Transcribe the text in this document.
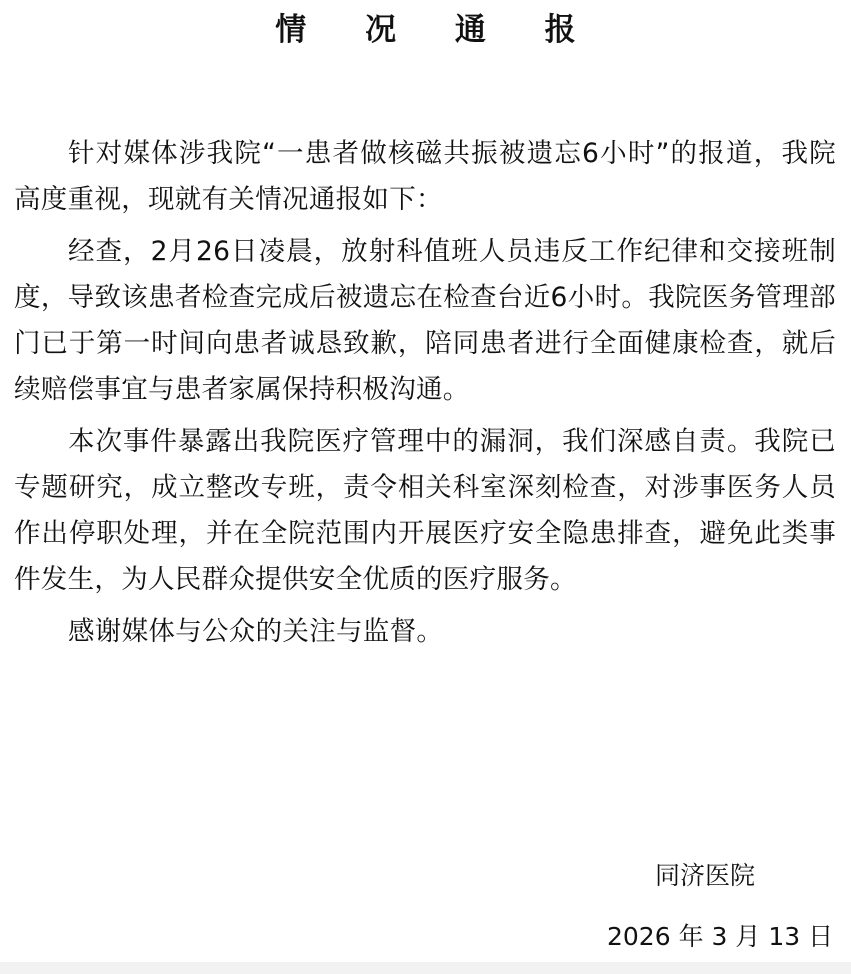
情 况 通 报

针对媒体涉我院“一患者做核磁共振被遗忘6小时”的报道，我院高度重视，现就有关情况通报如下：

经查，2月26日凌晨，放射科值班人员违反工作纪律和交接班制度，导致该患者检查完成后被遗忘在检查台近6小时。我院医务管理部门已于第一时间向患者诚恳致歉，陪同患者进行全面健康检查，就后续赔偿事宜与患者家属保持积极沟通。

本次事件暴露出我院医疗管理中的漏洞，我们深感自责。我院已专题研究，成立整改专班，责令相关科室深刻检查，对涉事医务人员作出停职处理，并在全院范围内开展医疗安全隐患排查，避免此类事件发生，为人民群众提供安全优质的医疗服务。

感谢媒体与公众的关注与监督。

同济医院
2026 年 3 月 13 日
